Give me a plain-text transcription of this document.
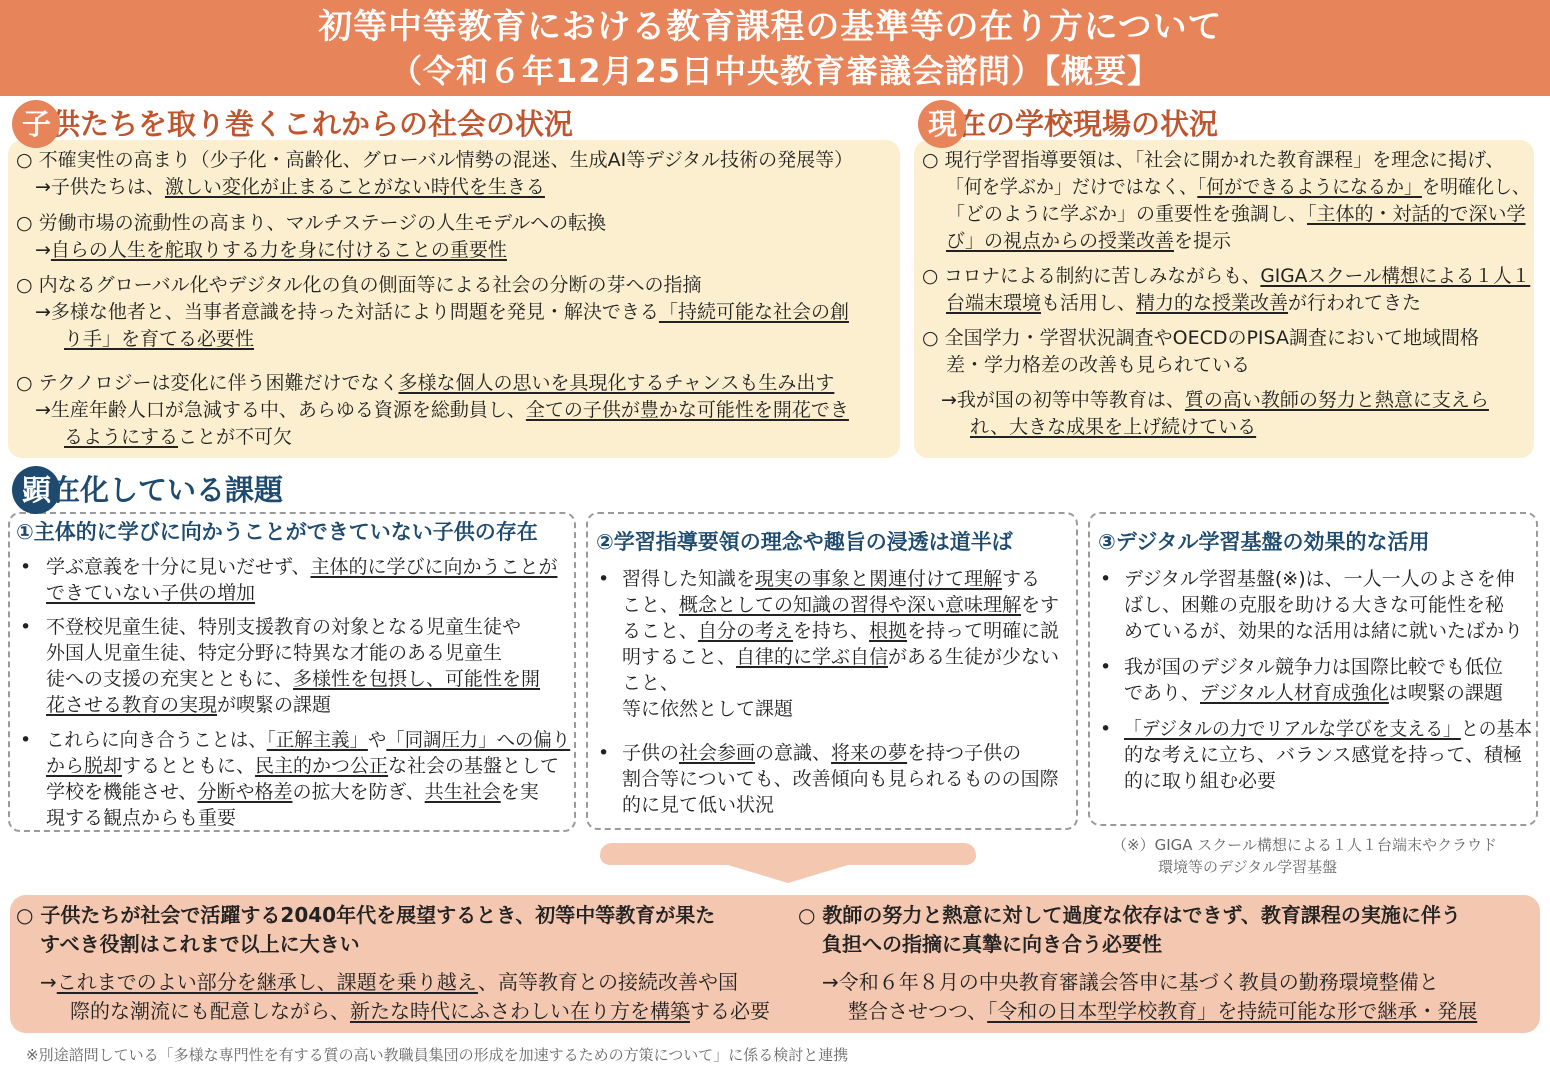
初等中等教育における教育課程の基準等の在り方について
（令和６年12月25日中央教育審議会諮問）【概要】
子供たちを取り巻くこれからの社会の状況
○ 不確実性の高まり（少子化・高齢化、グローバル情勢の混迷、生成AI等デジタル技術の発展等）
　→子供たちは、激しい変化が止まることがない時代を生きる
○ 労働市場の流動性の高まり、マルチステージの人生モデルへの転換
　→自らの人生を舵取りする力を身に付けることの重要性
○ 内なるグローバル化やデジタル化の負の側面等による社会の分断の芽への指摘
　→多様な他者と、当事者意識を持った対話により問題を発見・解決できる「持続可能な社会の創
り手」を育てる必要性
○ テクノロジーは変化に伴う困難だけでなく多様な個人の思いを具現化するチャンスも生み出す
　→生産年齢人口が急減する中、あらゆる資源を総動員し、全ての子供が豊かな可能性を開花でき
るようにすることが不可欠
現在の学校現場の状況
○ 現行学習指導要領は、「社会に開かれた教育課程」を理念に掲げ、
「何を学ぶか」だけではなく、「何ができるようになるか」を明確化し、
「どのように学ぶか」の重要性を強調し、「主体的・対話的で深い学
び」の視点からの授業改善を提示
○ コロナによる制約に苦しみながらも、GIGAスクール構想による１人１
台端末環境も活用し、精力的な授業改善が行われてきた
○ 全国学力・学習状況調査やOECDのPISA調査において地域間格
差・学力格差の改善も見られている
　→我が国の初等中等教育は、質の高い教師の努力と熱意に支えら
れ、大きな成果を上げ続けている
顕在化している課題
①主体的に学びに向かうことができていない子供の存在
• 学ぶ意義を十分に見いだせず、主体的に学びに向かうことが
できていない子供の増加
• 不登校児童生徒、特別支援教育の対象となる児童生徒や
外国人児童生徒、特定分野に特異な才能のある児童生
徒への支援の充実とともに、多様性を包摂し、可能性を開
花させる教育の実現が喫緊の課題
• これらに向き合うことは、「正解主義」や「同調圧力」への偏り
から脱却するとともに、民主的かつ公正な社会の基盤として
学校を機能させ、分断や格差の拡大を防ぎ、共生社会を実
現する観点からも重要
②学習指導要領の理念や趣旨の浸透は道半ば
• 習得した知識を現実の事象と関連付けて理解する
こと、概念としての知識の習得や深い意味理解をす
ること、自分の考えを持ち、根拠を持って明確に説
明すること、自律的に学ぶ自信がある生徒が少ない
こと、
等に依然として課題
• 子供の社会参画の意識、将来の夢を持つ子供の
割合等についても、改善傾向も見られるものの国際
的に見て低い状況
③デジタル学習基盤の効果的な活用
• デジタル学習基盤(※)は、一人一人のよさを伸
ばし、困難の克服を助ける大きな可能性を秘
めているが、効果的な活用は緒に就いたばかり
• 我が国のデジタル競争力は国際比較でも低位
であり、デジタル人材育成強化は喫緊の課題
• 「デジタルの力でリアルな学びを支える」との基本
的な考えに立ち、バランス感覚を持って、積極
的に取り組む必要
（※）GIGA スクール構想による１人１台端末やクラウド
環境等のデジタル学習基盤
○ 子供たちが社会で活躍する2040年代を展望するとき、初等中等教育が果た
すべき役割はこれまで以上に大きい
→これまでのよい部分を継承し、課題を乗り越え、高等教育との接続改善や国
際的な潮流にも配意しながら、新たな時代にふさわしい在り方を構築する必要
○ 教師の努力と熱意に対して過度な依存はできず、教育課程の実施に伴う
負担への指摘に真摯に向き合う必要性
→令和６年８月の中央教育審議会答申に基づく教員の勤務環境整備と
整合させつつ、「令和の日本型学校教育」を持続可能な形で継承・発展
※別途諮問している「多様な専門性を有する質の高い教職員集団の形成を加速するための方策について」に係る検討と連携
